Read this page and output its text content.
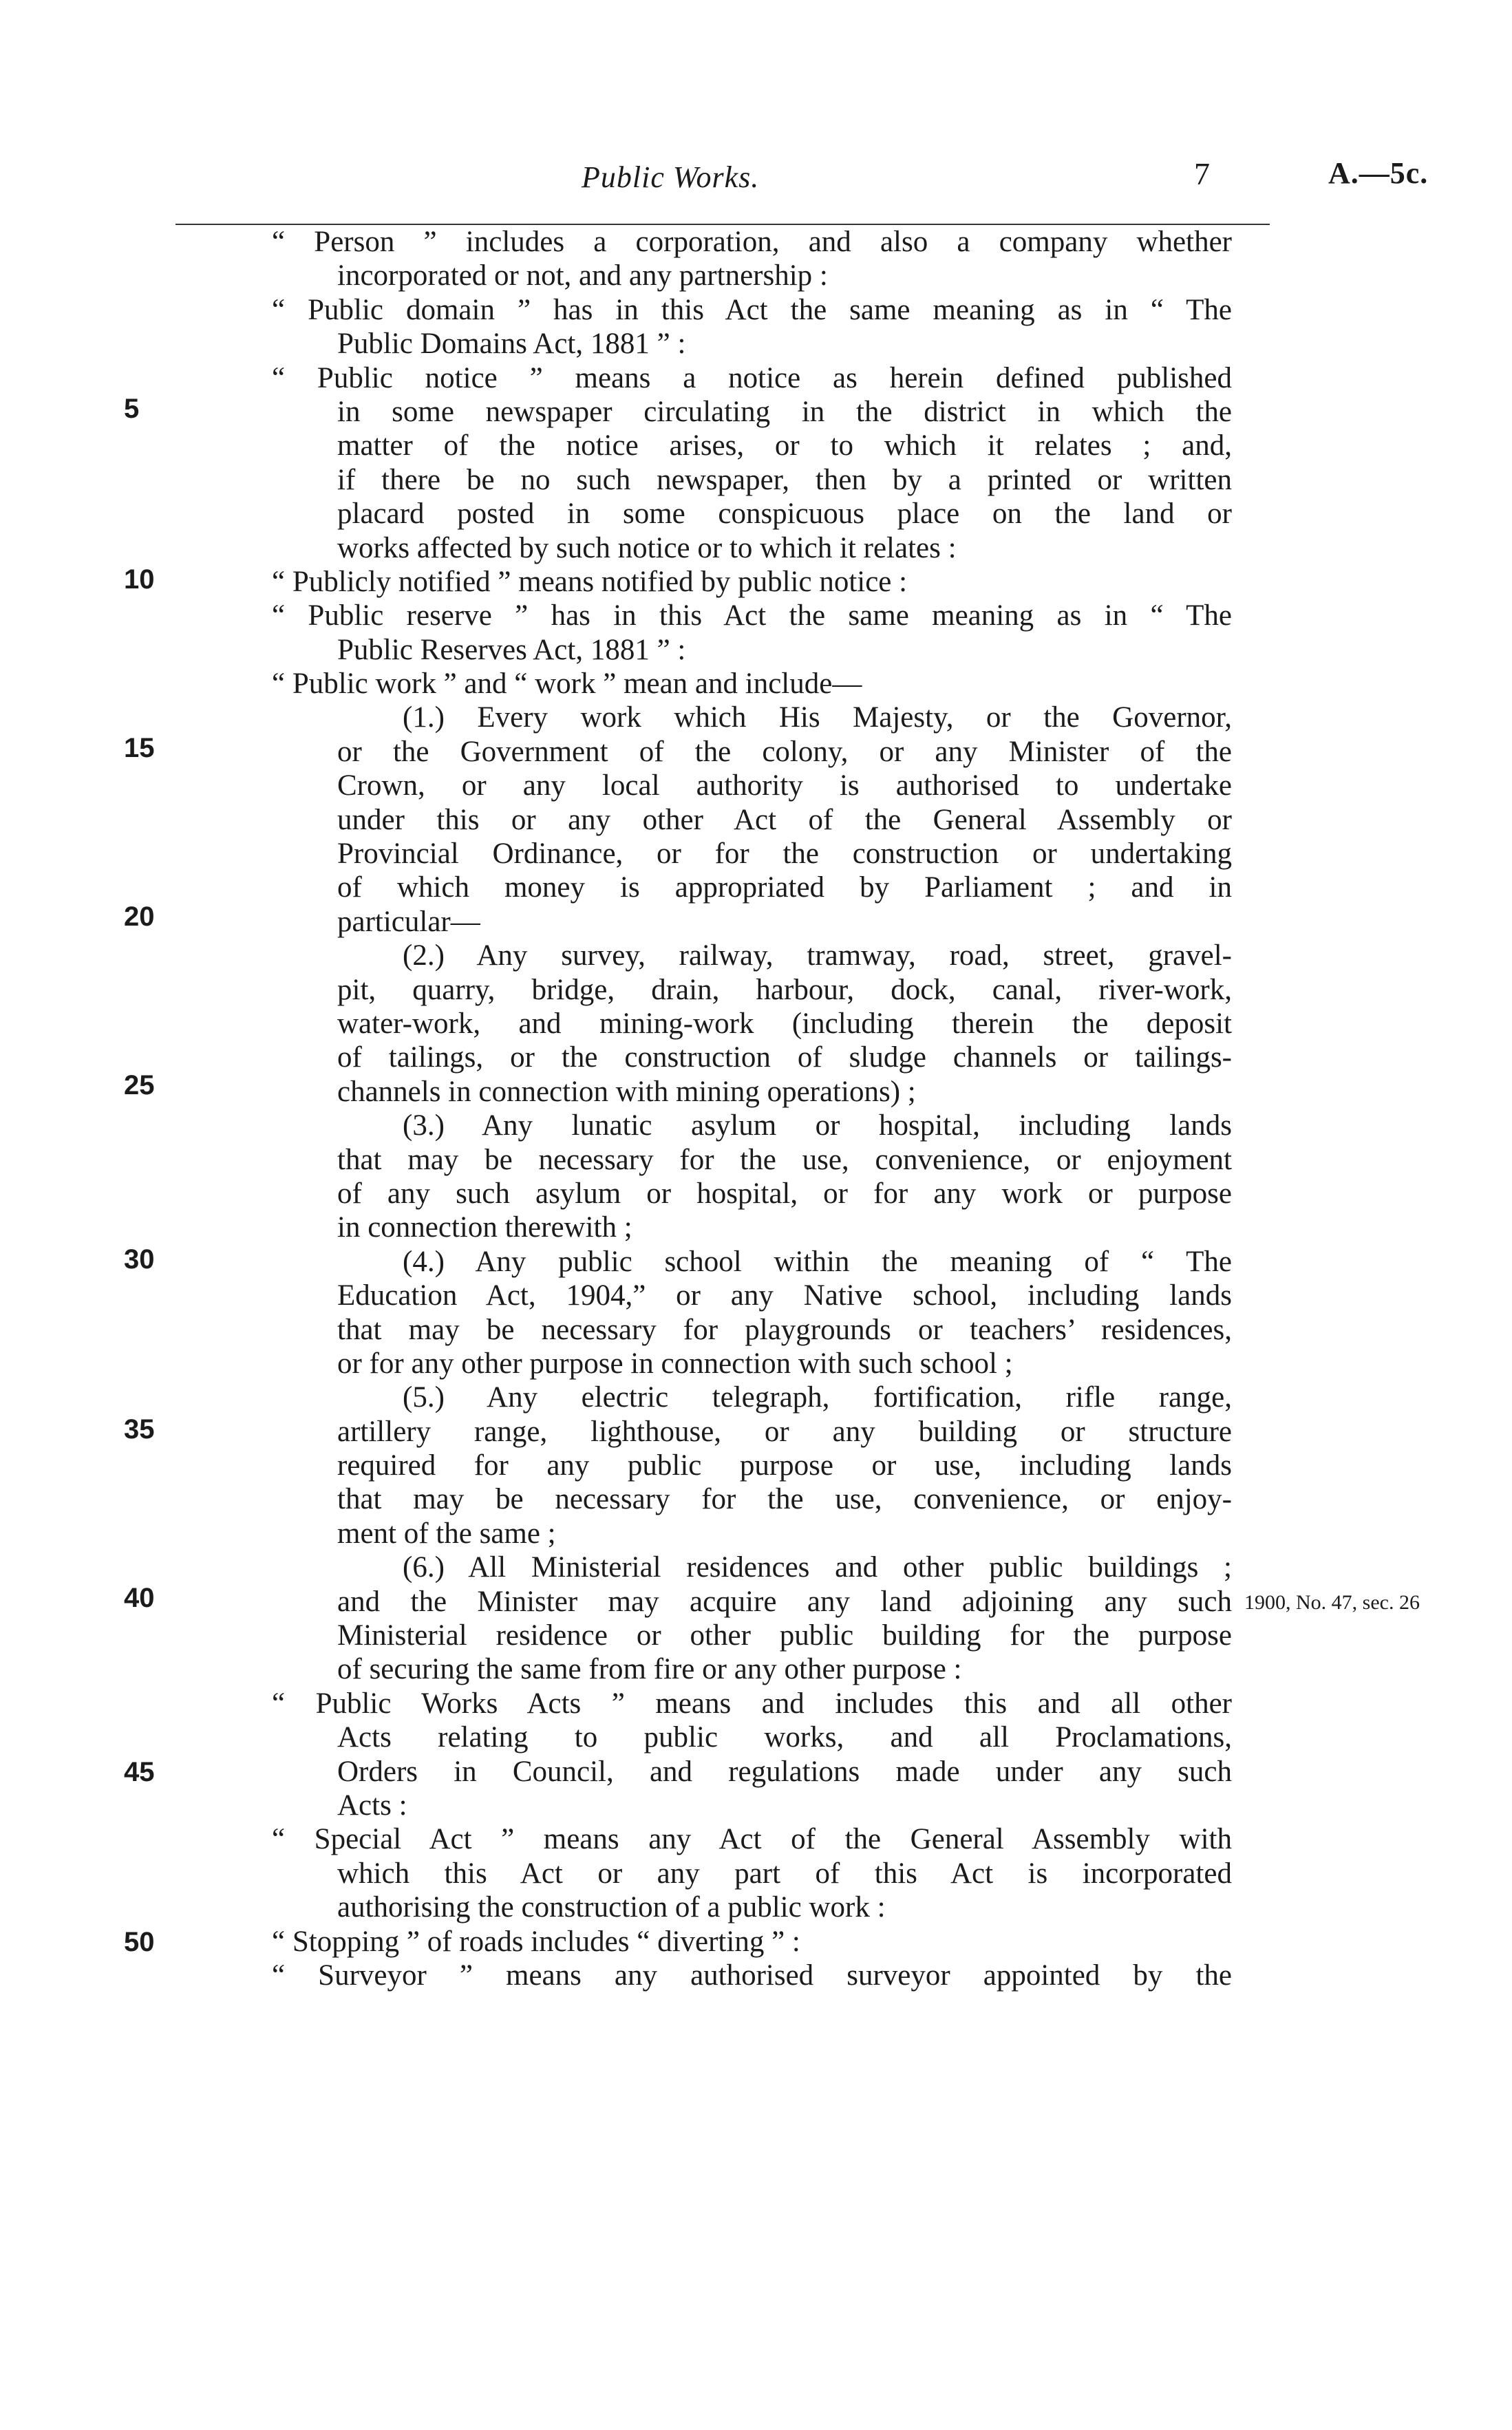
Public Works.	7	A.—5c.
5
10
15
20
25
30
35
40
45
50
1900, No. 47, sec. 26
“ Person ” includes a corporation, and also a company whether
incorporated or not, and any partnership :
“ Public domain ” has in this Act the same meaning as in “ The
Public Domains Act, 1881 ” :
“ Public notice ” means a notice as herein defined published
in some newspaper circulating in the district in which the
matter of the notice arises, or to which it relates ; and,
if there be no such newspaper, then by a printed or written
placard posted in some conspicuous place on the land or
works affected by such notice or to which it relates :
“ Publicly notified ” means notified by public notice :
“ Public reserve ” has in this Act the same meaning as in “ The
Public Reserves Act, 1881 ” :
“ Public work ” and “ work ” mean and include—
(1.) Every work which His Majesty, or the Governor,
or the Government of the colony, or any Minister of the
Crown, or any local authority is authorised to undertake
under this or any other Act of the General Assembly or
Provincial Ordinance, or for the construction or undertaking
of which money is appropriated by Parliament ; and in
particular—
(2.) Any survey, railway, tramway, road, street, gravel-
pit, quarry, bridge, drain, harbour, dock, canal, river-work,
water-work, and mining-work (including therein the deposit
of tailings, or the construction of sludge channels or tailings-
channels in connection with mining operations) ;
(3.) Any lunatic asylum or hospital, including lands
that may be necessary for the use, convenience, or enjoyment
of any such asylum or hospital, or for any work or purpose
in connection therewith ;
(4.) Any public school within the meaning of “ The
Education Act, 1904,” or any Native school, including lands
that may be necessary for playgrounds or teachers’ residences,
or for any other purpose in connection with such school ;
(5.) Any electric telegraph, fortification, rifle range,
artillery range, lighthouse, or any building or structure
required for any public purpose or use, including lands
that may be necessary for the use, convenience, or enjoy-
ment of the same ;
(6.) All Ministerial residences and other public buildings ;
and the Minister may acquire any land adjoining any such
Ministerial residence or other public building for the purpose
of securing the same from fire or any other purpose :
“ Public Works Acts ” means and includes this and all other
Acts relating to public works, and all Proclamations,
Orders in Council, and regulations made under any such
Acts :
“ Special Act ” means any Act of the General Assembly with
which this Act or any part of this Act is incorporated
authorising the construction of a public work :
“ Stopping ” of roads includes “ diverting ” :
“ Surveyor ” means any authorised surveyor appointed by the
